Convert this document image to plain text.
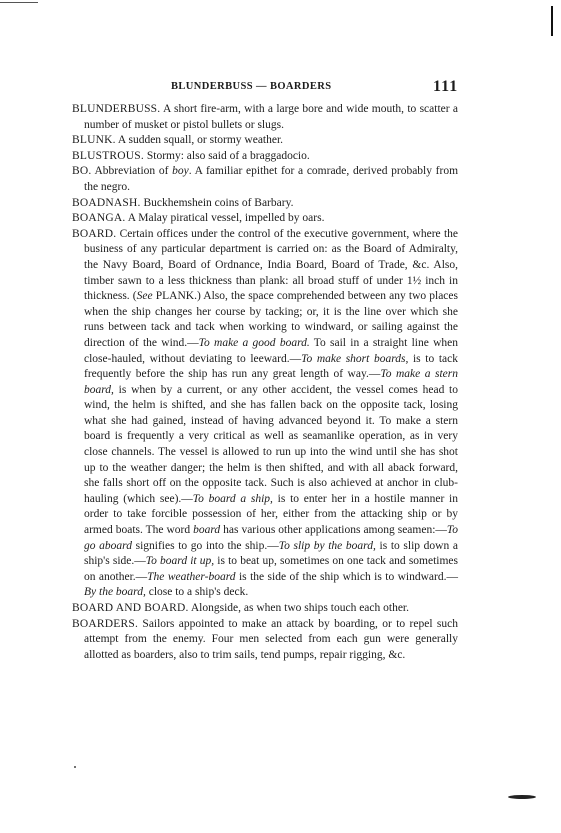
BLUNDERBUSS — BOARDERS	111

BLUNDERBUSS. A short fire-arm, with a large bore and wide mouth, to scatter a number of musket or pistol bullets or slugs.

BLUNK. A sudden squall, or stormy weather.

BLUSTROUS. Stormy: also said of a braggadocio.

BO. Abbreviation of boy. A familiar epithet for a comrade, derived probably from the negro.

BOADNASH. Buckhemshein coins of Barbary.

BOANGA. A Malay piratical vessel, impelled by oars.

BOARD. Certain offices under the control of the executive government, where the business of any particular department is carried on: as the Board of Admiralty, the Navy Board, Board of Ordnance, India Board, Board of Trade, &c. Also, timber sawn to a less thickness than plank: all broad stuff of under 1½ inch in thickness. (See PLANK.) Also, the space comprehended between any two places when the ship changes her course by tacking; or, it is the line over which she runs between tack and tack when working to windward, or sailing against the direction of the wind.—To make a good board. To sail in a straight line when close-hauled, without deviating to leeward.—To make short boards, is to tack frequently before the ship has run any great length of way.—To make a stern board, is when by a current, or any other accident, the vessel comes head to wind, the helm is shifted, and she has fallen back on the opposite tack, losing what she had gained, instead of having advanced beyond it. To make a stern board is frequently a very critical as well as seamanlike operation, as in very close channels. The vessel is allowed to run up into the wind until she has shot up to the weather danger; the helm is then shifted, and with all aback forward, she falls short off on the opposite tack. Such is also achieved at anchor in club-hauling (which see).—To board a ship, is to enter her in a hostile manner in order to take forcible possession of her, either from the attacking ship or by armed boats. The word board has various other applications among seamen:—To go aboard signifies to go into the ship.—To slip by the board, is to slip down a ship's side.—To board it up, is to beat up, sometimes on one tack and sometimes on another.—The weather-board is the side of the ship which is to windward.—By the board, close to a ship's deck.

BOARD AND BOARD. Alongside, as when two ships touch each other.

BOARDERS. Sailors appointed to make an attack by boarding, or to repel such attempt from the enemy. Four men selected from each gun were generally allotted as boarders, also to trim sails, tend pumps, repair rigging, &c.
